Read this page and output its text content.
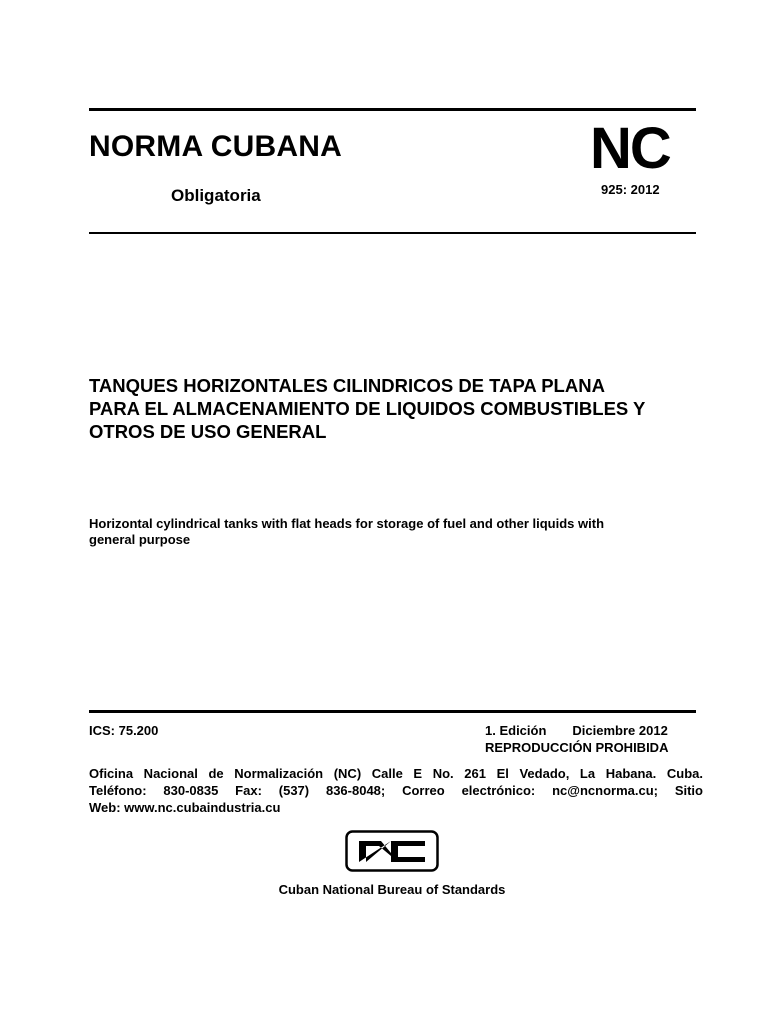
NORMA CUBANA
Obligatoria
NC
925: 2012
TANQUES HORIZONTALES CILINDRICOS DE TAPA PLANA
PARA EL ALMACENAMIENTO DE LIQUIDOS COMBUSTIBLES Y
OTROS DE USO GENERAL
Horizontal cylindrical tanks with flat heads for storage of fuel and other liquids with
general purpose
ICS: 75.200	1. Edición Diciembre 2012
REPRODUCCIÓN PROHIBIDA
Oficina Nacional de Normalización (NC) Calle E No. 261 El Vedado, La Habana. Cuba.
Teléfono: 830-0835 Fax: (537) 836-8048; Correo electrónico: nc@ncnorma.cu; Sitio
Web: www.nc.cubaindustria.cu
Cuban National Bureau of Standards
